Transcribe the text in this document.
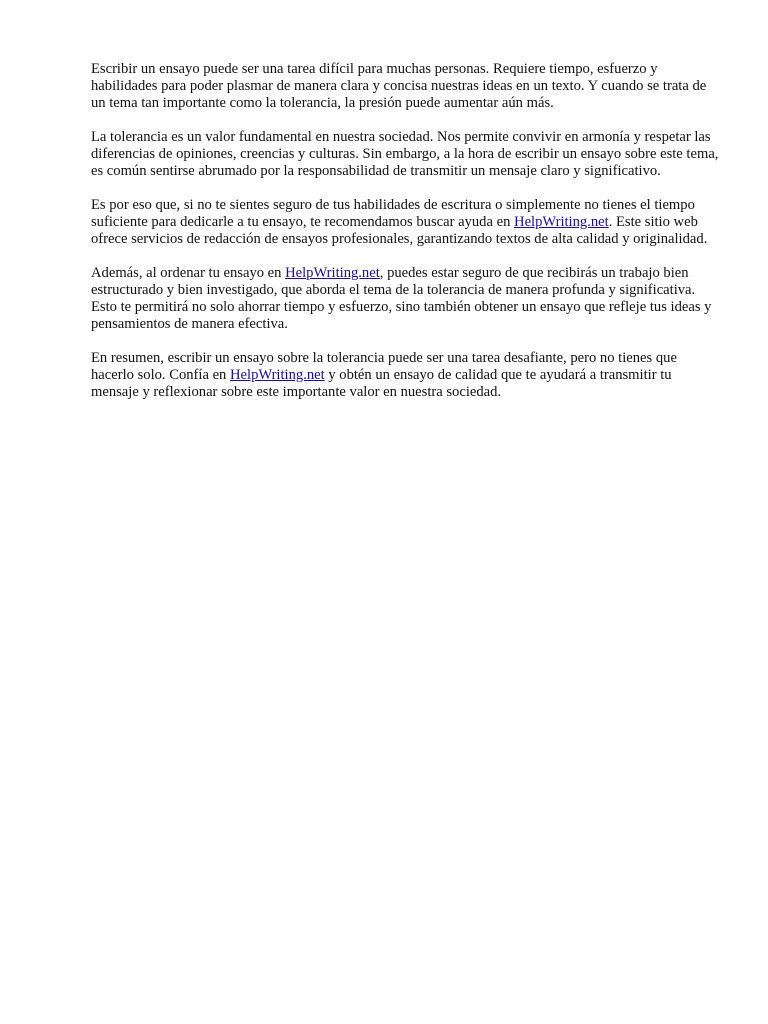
Escribir un ensayo puede ser una tarea difícil para muchas personas. Requiere tiempo, esfuerzo y habilidades para poder plasmar de manera clara y concisa nuestras ideas en un texto. Y cuando se trata de un tema tan importante como la tolerancia, la presión puede aumentar aún más.

La tolerancia es un valor fundamental en nuestra sociedad. Nos permite convivir en armonía y respetar las diferencias de opiniones, creencias y culturas. Sin embargo, a la hora de escribir un ensayo sobre este tema, es común sentirse abrumado por la responsabilidad de transmitir un mensaje claro y significativo.

Es por eso que, si no te sientes seguro de tus habilidades de escritura o simplemente no tienes el tiempo suficiente para dedicarle a tu ensayo, te recomendamos buscar ayuda en HelpWriting.net. Este sitio web ofrece servicios de redacción de ensayos profesionales, garantizando textos de alta calidad y originalidad.

Además, al ordenar tu ensayo en HelpWriting.net, puedes estar seguro de que recibirás un trabajo bien estructurado y bien investigado, que aborda el tema de la tolerancia de manera profunda y significativa. Esto te permitirá no solo ahorrar tiempo y esfuerzo, sino también obtener un ensayo que refleje tus ideas y pensamientos de manera efectiva.

En resumen, escribir un ensayo sobre la tolerancia puede ser una tarea desafiante, pero no tienes que hacerlo solo. Confía en HelpWriting.net y obtén un ensayo de calidad que te ayudará a transmitir tu mensaje y reflexionar sobre este importante valor en nuestra sociedad.
